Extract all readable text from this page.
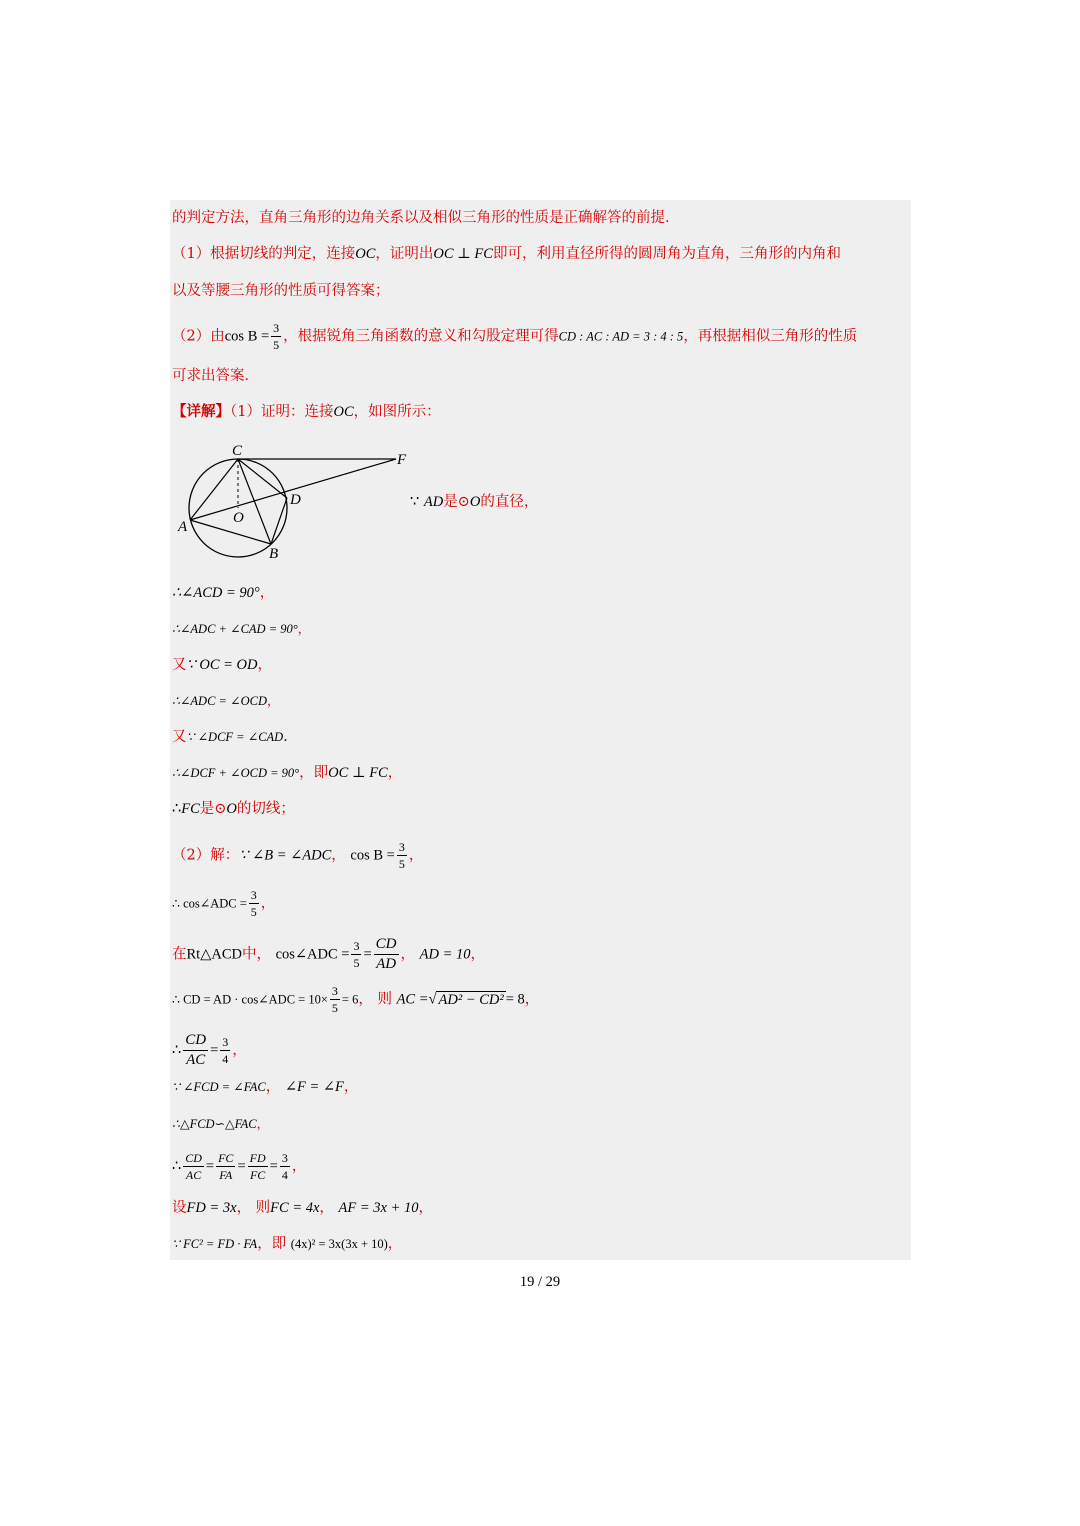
的判定方法，直角三角形的边角关系以及相似三角形的性质是正确解答的前提．
（1）根据切线的判定，连接OC，证明出OC ⊥ FC即可，利用直径所得的圆周角为直角，三角形的内角和
以及等腰三角形的性质可得答案；
（2）由$\cos B = \frac{3}{5}$ ，根据锐角三角函数的意义和勾股定理可得CD : AC : AD = 3 : 4 : 5，再根据相似三角形的性质
可求出答案．
【详解】（1）证明：连接OC，如图所示：
C
F
D
O
A
B
∵ AD是⊙O的直径，
∴∠ACD = 90°，
∴∠ADC + ∠CAD = 90°，
又∵ OC = OD，
∴∠ADC = ∠OCD，
又∵ ∠DCF = ∠CAD．
∴∠DCF + ∠OCD = 90°，即OC ⊥ FC，
∴FC是⊙O的切线；
（2）解：∵ ∠B = ∠ADC， $\cos B = \frac{3}{5}$ ，
∴ cos∠ADC = $\frac{3}{5}$ ，
在Rt△ACD中， cos∠ADC = $\frac{3}{5} = \frac{CD}{AD}$ ， AD = 10，
∴ CD = AD · cos∠ADC = $10\times \frac{3}{5} = 6$， 则 AC =√ AD² − CD² = 8，
∴ $\frac{CD}{AC} = \frac{3}{4}$ ，
∵ ∠FCD = ∠FAC， ∠F = ∠F，
∴△FCD∽△FAC，
∴ $\frac{CD}{AC} = \frac{FC}{FA} = \frac{FD}{FC} = \frac{3}{4}$ ，
设FD = 3x， 则FC = 4x， AF = 3x + 10，
∵ FC² = FD · FA，即 (4x)² = 3x(3x + 10)，
19 / 29
